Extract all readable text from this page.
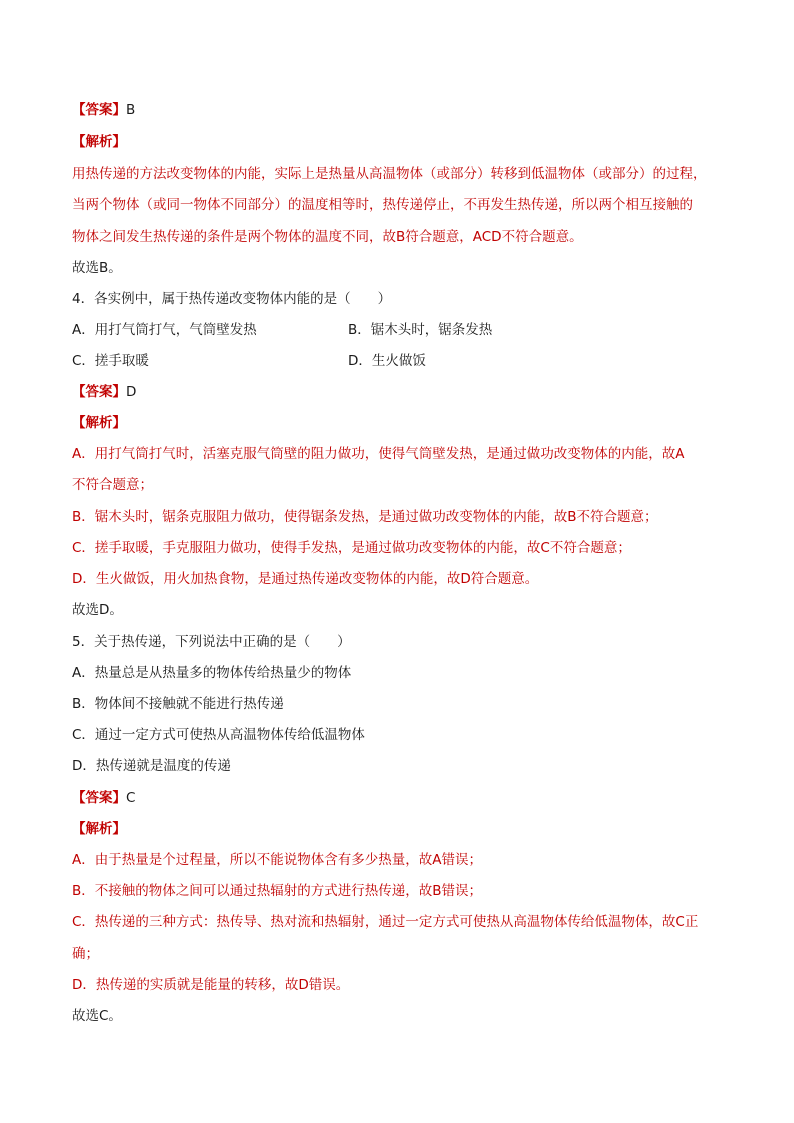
【答案】B
【解析】
用热传递的方法改变物体的内能，实际上是热量从高温物体（或部分）转移到低温物体（或部分）的过程，
当两个物体（或同一物体不同部分）的温度相等时，热传递停止，不再发生热传递，所以两个相互接触的
物体之间发生热传递的条件是两个物体的温度不同，故B符合题意，ACD不符合题意。
故选B。
4．各实例中，属于热传递改变物体内能的是（　　）
A．用打气筒打气，气筒壁发热	B．锯木头时，锯条发热
C．搓手取暖	D．生火做饭
【答案】D
【解析】
A．用打气筒打气时，活塞克服气筒壁的阻力做功，使得气筒壁发热，是通过做功改变物体的内能，故A
不符合题意；
B．锯木头时，锯条克服阻力做功，使得锯条发热，是通过做功改变物体的内能，故B不符合题意；
C．搓手取暖，手克服阻力做功，使得手发热，是通过做功改变物体的内能，故C不符合题意；
D．生火做饭，用火加热食物，是通过热传递改变物体的内能，故D符合题意。
故选D。
5．关于热传递，下列说法中正确的是（　　）
A．热量总是从热量多的物体传给热量少的物体
B．物体间不接触就不能进行热传递
C．通过一定方式可使热从高温物体传给低温物体
D．热传递就是温度的传递
【答案】C
【解析】
A．由于热量是个过程量，所以不能说物体含有多少热量，故A错误；
B．不接触的物体之间可以通过热辐射的方式进行热传递，故B错误；
C．热传递的三种方式：热传导、热对流和热辐射，通过一定方式可使热从高温物体传给低温物体，故C正
确；
D．热传递的实质就是能量的转移，故D错误。
故选C。
